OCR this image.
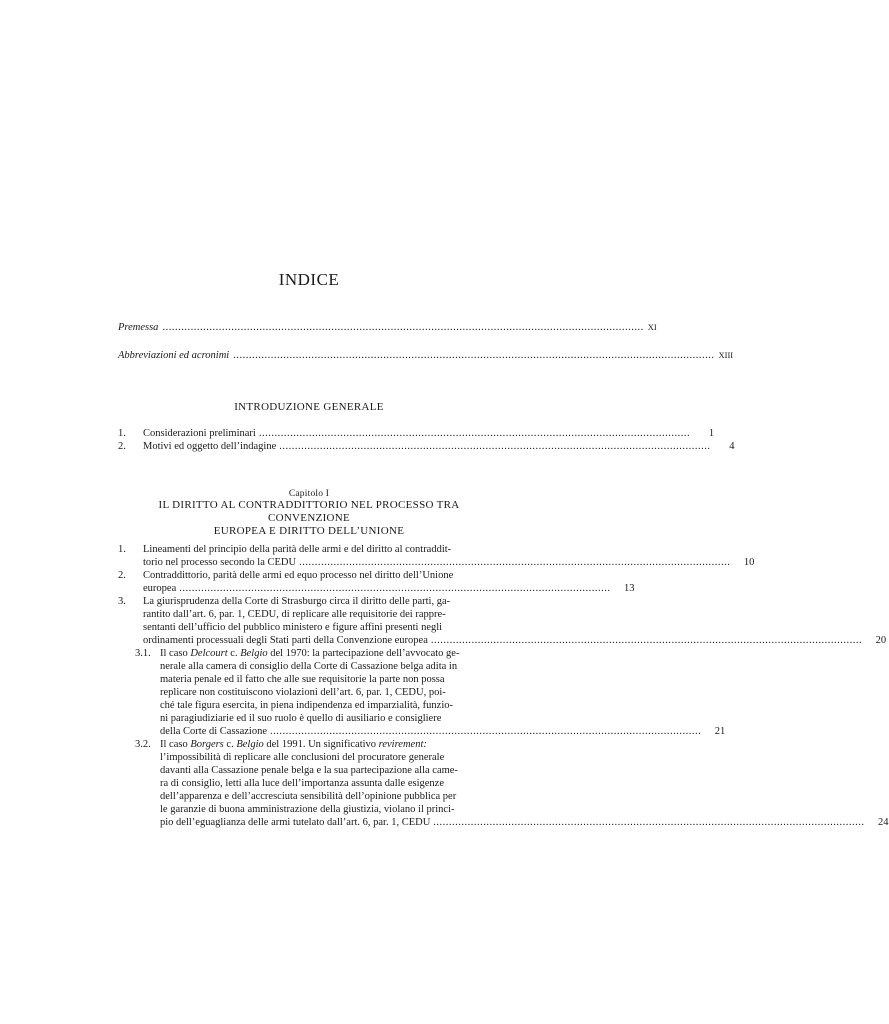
INDICE
Premessa .......................................................................................................................................................... XI
Abbreviazioni ed acronimi .......................................................................................................................................................... XIII
INTRODUZIONE GENERALE
1.	Considerazioni preliminari ..........................................................................................................................................	1
2.	Motivi ed oggetto dell’indagine ..........................................................................................................................................	4
Capitolo I
IL DIRITTO AL CONTRADDITTORIO NEL PROCESSO TRA CONVENZIONE
EUROPEA E DIRITTO DELL’UNIONE
1.	Lineamenti del principio della parità delle armi e del diritto al contraddit-
torio nel processo secondo la CEDU ..........................................................................................................................................	10
2.	Contraddittorio, parità delle armi ed equo processo nel diritto dell’Unione
europea ..........................................................................................................................................	13
3.	La giurisprudenza della Corte di Strasburgo circa il diritto delle parti, ga-
rantito dall’art. 6, par. 1, CEDU, di replicare alle requisitorie dei rappre-
sentanti dell’ufficio del pubblico ministero e figure affini presenti negli
ordinamenti processuali degli Stati parti della Convenzione europea ..........................................................................................................................................	20
3.1. Il caso Delcourt c. Belgio del 1970: la partecipazione dell’avvocato ge-
nerale alla camera di consiglio della Corte di Cassazione belga adita in
materia penale ed il fatto che alle sue requisitorie la parte non possa
replicare non costituiscono violazioni dell’art. 6, par. 1, CEDU, poi-
ché tale figura esercita, in piena indipendenza ed imparzialità, funzio-
ni paragiudiziarie ed il suo ruolo è quello di ausiliario e consigliere
della Corte di Cassazione ..........................................................................................................................................	21
3.2. Il caso Borgers c. Belgio del 1991. Un significativo revirement:
l’impossibilità di replicare alle conclusioni del procuratore generale
davanti alla Cassazione penale belga e la sua partecipazione alla came-
ra di consiglio, letti alla luce dell’importanza assunta dalle esigenze
dell’apparenza e dell’accresciuta sensibilità dell’opinione pubblica per
le garanzie di buona amministrazione della giustizia, violano il princi-
pio dell’eguaglianza delle armi tutelato dall’art. 6, par. 1, CEDU ..........................................................................................................................................	24
